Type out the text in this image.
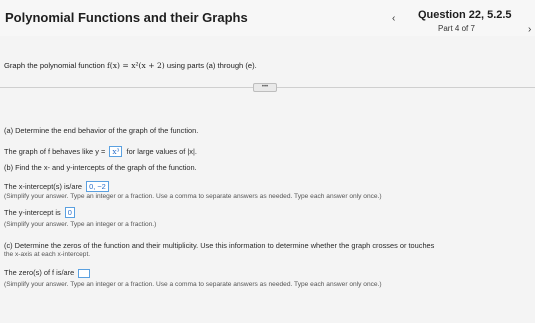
Polynomial Functions and their Graphs	‹ Question 22, 5.2.5
Part 4 of 7	›
Graph the polynomial function f(x) = x²(x + 2) using parts (a) through (e).
•••
(a) Determine the end behavior of the graph of the function.
The graph of f behaves like y = x³ for large values of |x|.
(b) Find the x- and y-intercepts of the graph of the function.
The x-intercept(s) is/are 0, −2
(Simplify your answer. Type an integer or a fraction. Use a comma to separate answers as needed. Type each answer only once.)
The y-intercept is 0
(Simplify your answer. Type an integer or a fraction.)
(c) Determine the zeros of the function and their multiplicity. Use this information to determine whether the graph crosses or touches
the x-axis at each x-intercept.
The zero(s) of f is/are
(Simplify your answer. Type an integer or a fraction. Use a comma to separate answers as needed. Type each answer only once.)
